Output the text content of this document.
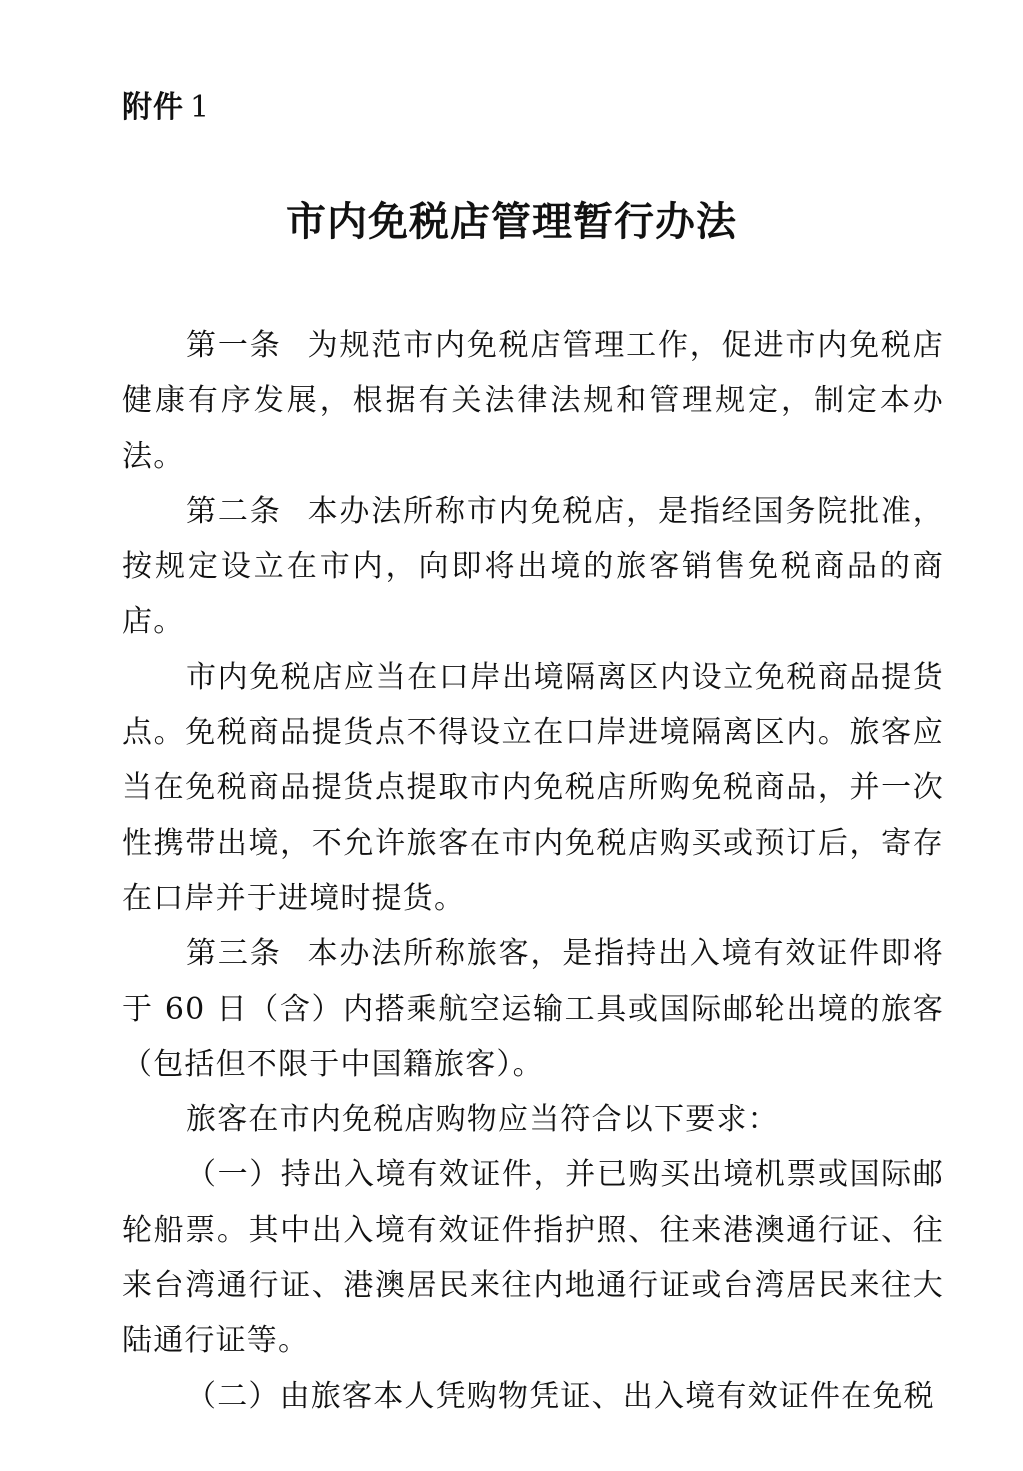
附件 1
市内免税店管理暂行办法

第一条 为规范市内免税店管理工作，促进市内免税店健康有序发展，根据有关法律法规和管理规定，制定本办法。

第二条 本办法所称市内免税店，是指经国务院批准，按规定设立在市内，向即将出境的旅客销售免税商品的商店。

市内免税店应当在口岸出境隔离区内设立免税商品提货点。免税商品提货点不得设立在口岸进境隔离区内。旅客应当在免税商品提货点提取市内免税店所购免税商品，并一次性携带出境，不允许旅客在市内免税店购买或预订后，寄存在口岸并于进境时提货。

第三条 本办法所称旅客，是指持出入境有效证件即将于 60 日（含）内搭乘航空运输工具或国际邮轮出境的旅客（包括但不限于中国籍旅客）。

旅客在市内免税店购物应当符合以下要求：

（一）持出入境有效证件，并已购买出境机票或国际邮轮船票。其中出入境有效证件指护照、往来港澳通行证、往来台湾通行证、港澳居民来往内地通行证或台湾居民来往大陆通行证等。

（二）由旅客本人凭购物凭证、出入境有效证件在免税
